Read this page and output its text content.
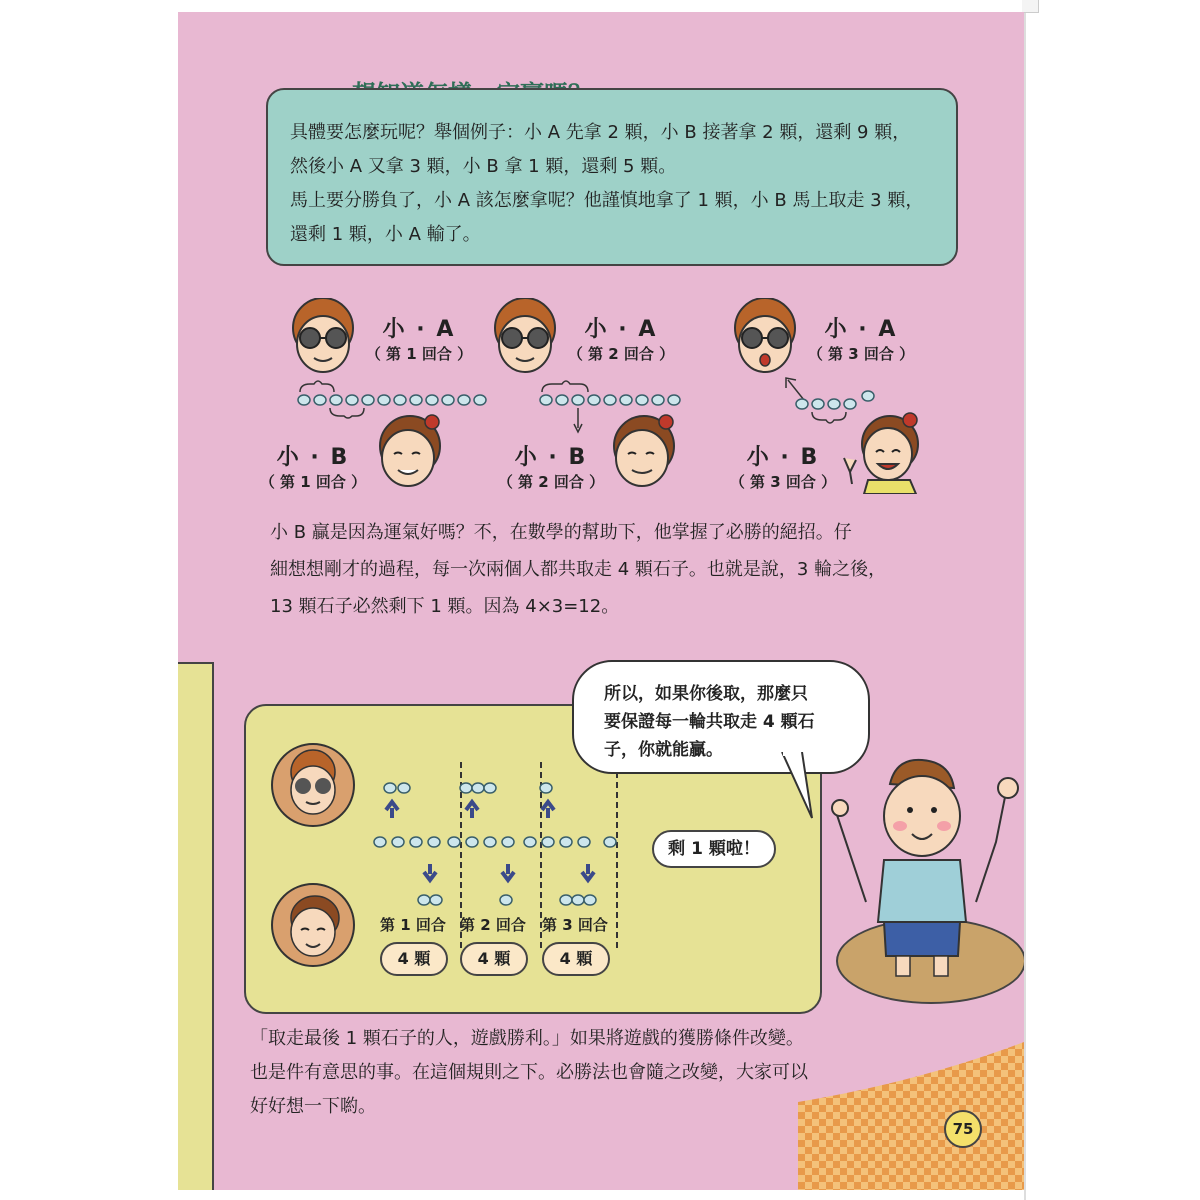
具體要怎麼玩呢？舉個例子：小 A 先拿 2 顆，小 B 接著拿 2 顆，還剩 9 顆，

然後小 A 又拿 3 顆，小 B 拿 1 顆，還剩 5 顆。

馬上要分勝負了，小 A 該怎麼拿呢？他謹慎地拿了 1 顆，小 B 馬上取走 3 顆，

還剩 1 顆，小 A 輸了。

小 · A
（ 第 1 回合 ）
小 · A
（ 第 2 回合 ）
小 · A
（ 第 3 回合 ）
小 · B
（ 第 1 回合 ）
小 · B
（ 第 2 回合 ）
小 · B
（ 第 3 回合 ）

小 B 贏是因為運氣好嗎？不，在數學的幫助下，他掌握了必勝的絕招。仔

細想想剛才的過程，每一次兩個人都共取走 4 顆石子。也就是說，3 輪之後，

13 顆石子必然剩下 1 顆。因為 4×3=12。

剩 1 顆啦！
第 1 回合 第 2 回合 第 3 回合
4 顆	4 顆	4 顆

所以，如果你後取，那麼只
要保證每一輪共取走 4 顆石
子，你就能贏。

「取走最後 1 顆石子的人，遊戲勝利。」如果將遊戲的獲勝條件改變。

也是件有意思的事。在這個規則之下。必勝法也會隨之改變，大家可以

好好想一下喲。

75
